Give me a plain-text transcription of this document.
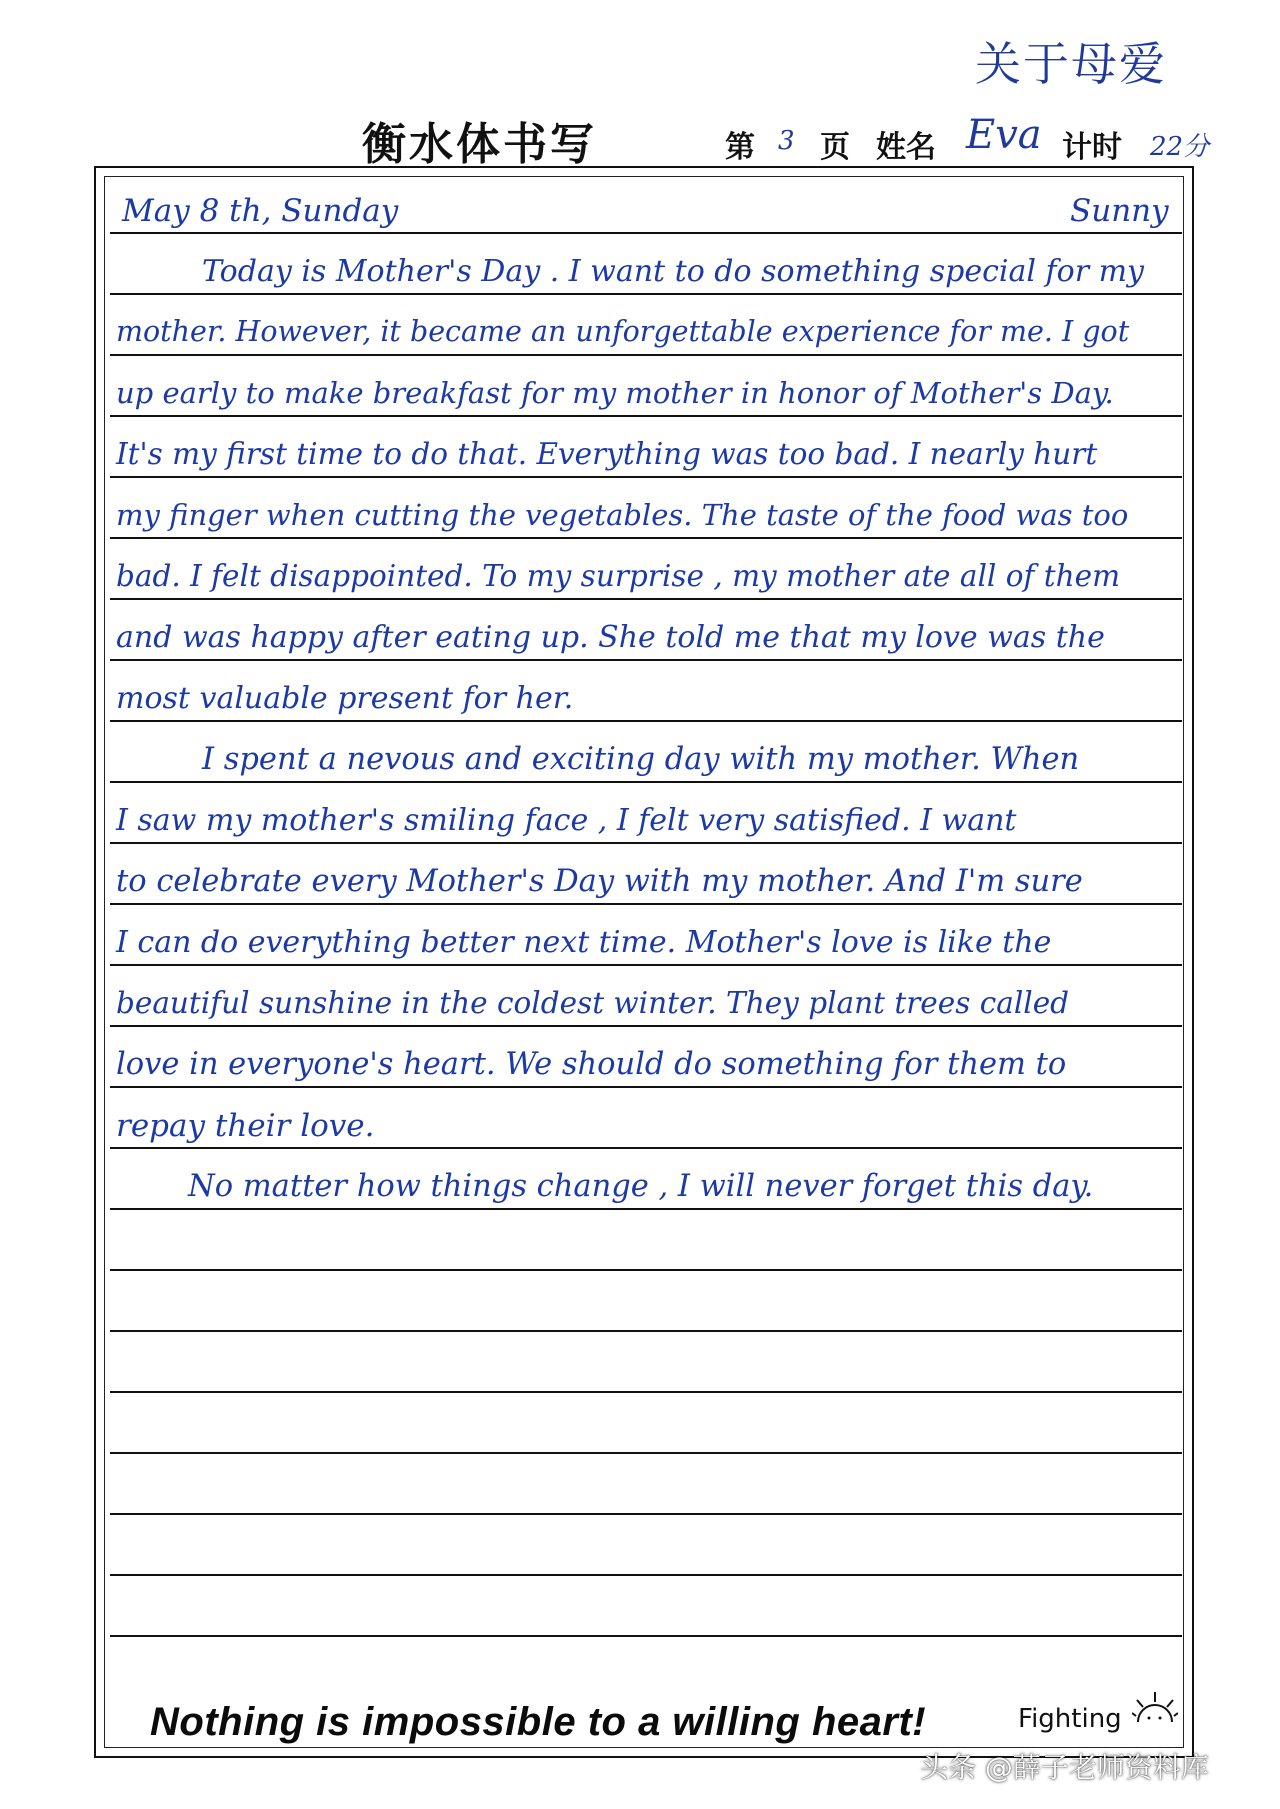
关于母爱
衡水体书写	第 3 页 姓名 Eva 计时 22分
May 8 th, Sunday	Sunny
Today is Mother's Day . I want to do something special for my
mother. However, it became an unforgettable experience for me. I got
up early to make breakfast for my mother in honor of Mother's Day.
It's my first time to do that. Everything was too bad. I nearly hurt
my finger when cutting the vegetables. The taste of the food was too
bad. I felt disappointed. To my surprise , my mother ate all of them
and was happy after eating up. She told me that my love was the
most valuable present for her.
I spent a nevous and exciting day with my mother. When
I saw my mother's smiling face , I felt very satisfied. I want
to celebrate every Mother's Day with my mother. And I'm sure
I can do everything better next time. Mother's love is like the
beautiful sunshine in the coldest winter. They plant trees called
love in everyone's heart. We should do something for them to
repay their love.
No matter how things change , I will never forget this day.
Nothing is impossible to a willing heart!	Fighting
头条 @薛子老师资料库
